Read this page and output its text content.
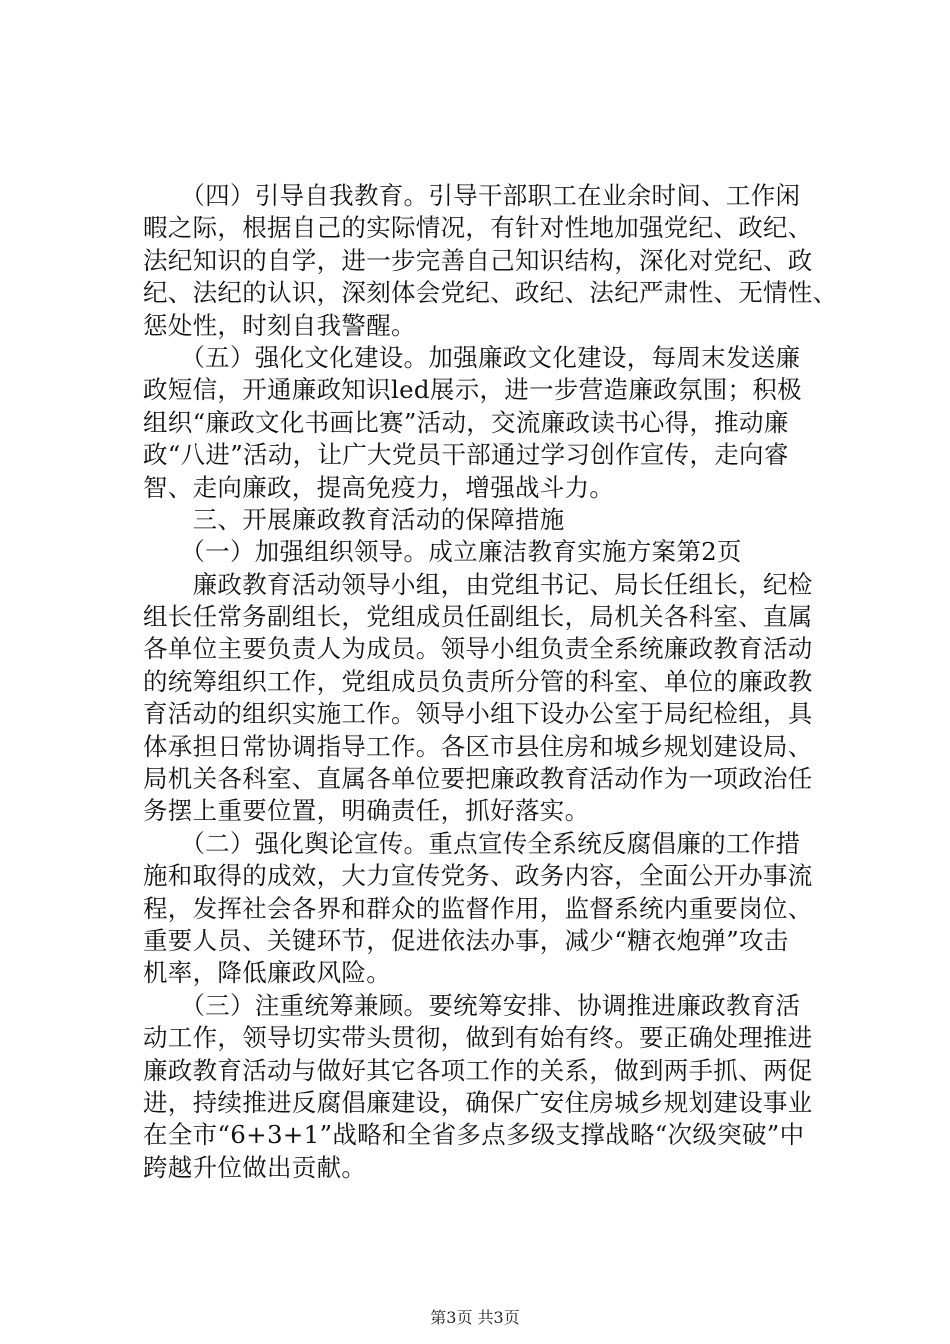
　　（四）引导自我教育。引导干部职工在业余时间、工作闲
暇之际，根据自己的实际情况，有针对性地加强党纪、政纪、
法纪知识的自学，进一步完善自己知识结构，深化对党纪、政
纪、法纪的认识，深刻体会党纪、政纪、法纪严肃性、无情性、
惩处性，时刻自我警醒。
　　（五）强化文化建设。加强廉政文化建设，每周末发送廉
政短信，开通廉政知识led展示，进一步营造廉政氛围；积极
组织“廉政文化书画比赛”活动，交流廉政读书心得，推动廉
政“八进”活动，让广大党员干部通过学习创作宣传，走向睿
智、走向廉政，提高免疫力，增强战斗力。
　　三、开展廉政教育活动的保障措施
　　（一）加强组织领导。成立廉洁教育实施方案第2页
　　廉政教育活动领导小组，由党组书记、局长任组长，纪检
组长任常务副组长，党组成员任副组长，局机关各科室、直属
各单位主要负责人为成员。领导小组负责全系统廉政教育活动
的统筹组织工作，党组成员负责所分管的科室、单位的廉政教
育活动的组织实施工作。领导小组下设办公室于局纪检组，具
体承担日常协调指导工作。各区市县住房和城乡规划建设局、
局机关各科室、直属各单位要把廉政教育活动作为一项政治任
务摆上重要位置，明确责任，抓好落实。
　　（二）强化舆论宣传。重点宣传全系统反腐倡廉的工作措
施和取得的成效，大力宣传党务、政务内容，全面公开办事流
程，发挥社会各界和群众的监督作用，监督系统内重要岗位、
重要人员、关键环节，促进依法办事，减少“糖衣炮弹”攻击
机率，降低廉政风险。
　　（三）注重统筹兼顾。要统筹安排、协调推进廉政教育活
动工作，领导切实带头贯彻，做到有始有终。要正确处理推进
廉政教育活动与做好其它各项工作的关系，做到两手抓、两促
进，持续推进反腐倡廉建设，确保广安住房城乡规划建设事业
在全市“6+3+1”战略和全省多点多级支撑战略“次级突破”中
跨越升位做出贡献。
第3页 共3页
